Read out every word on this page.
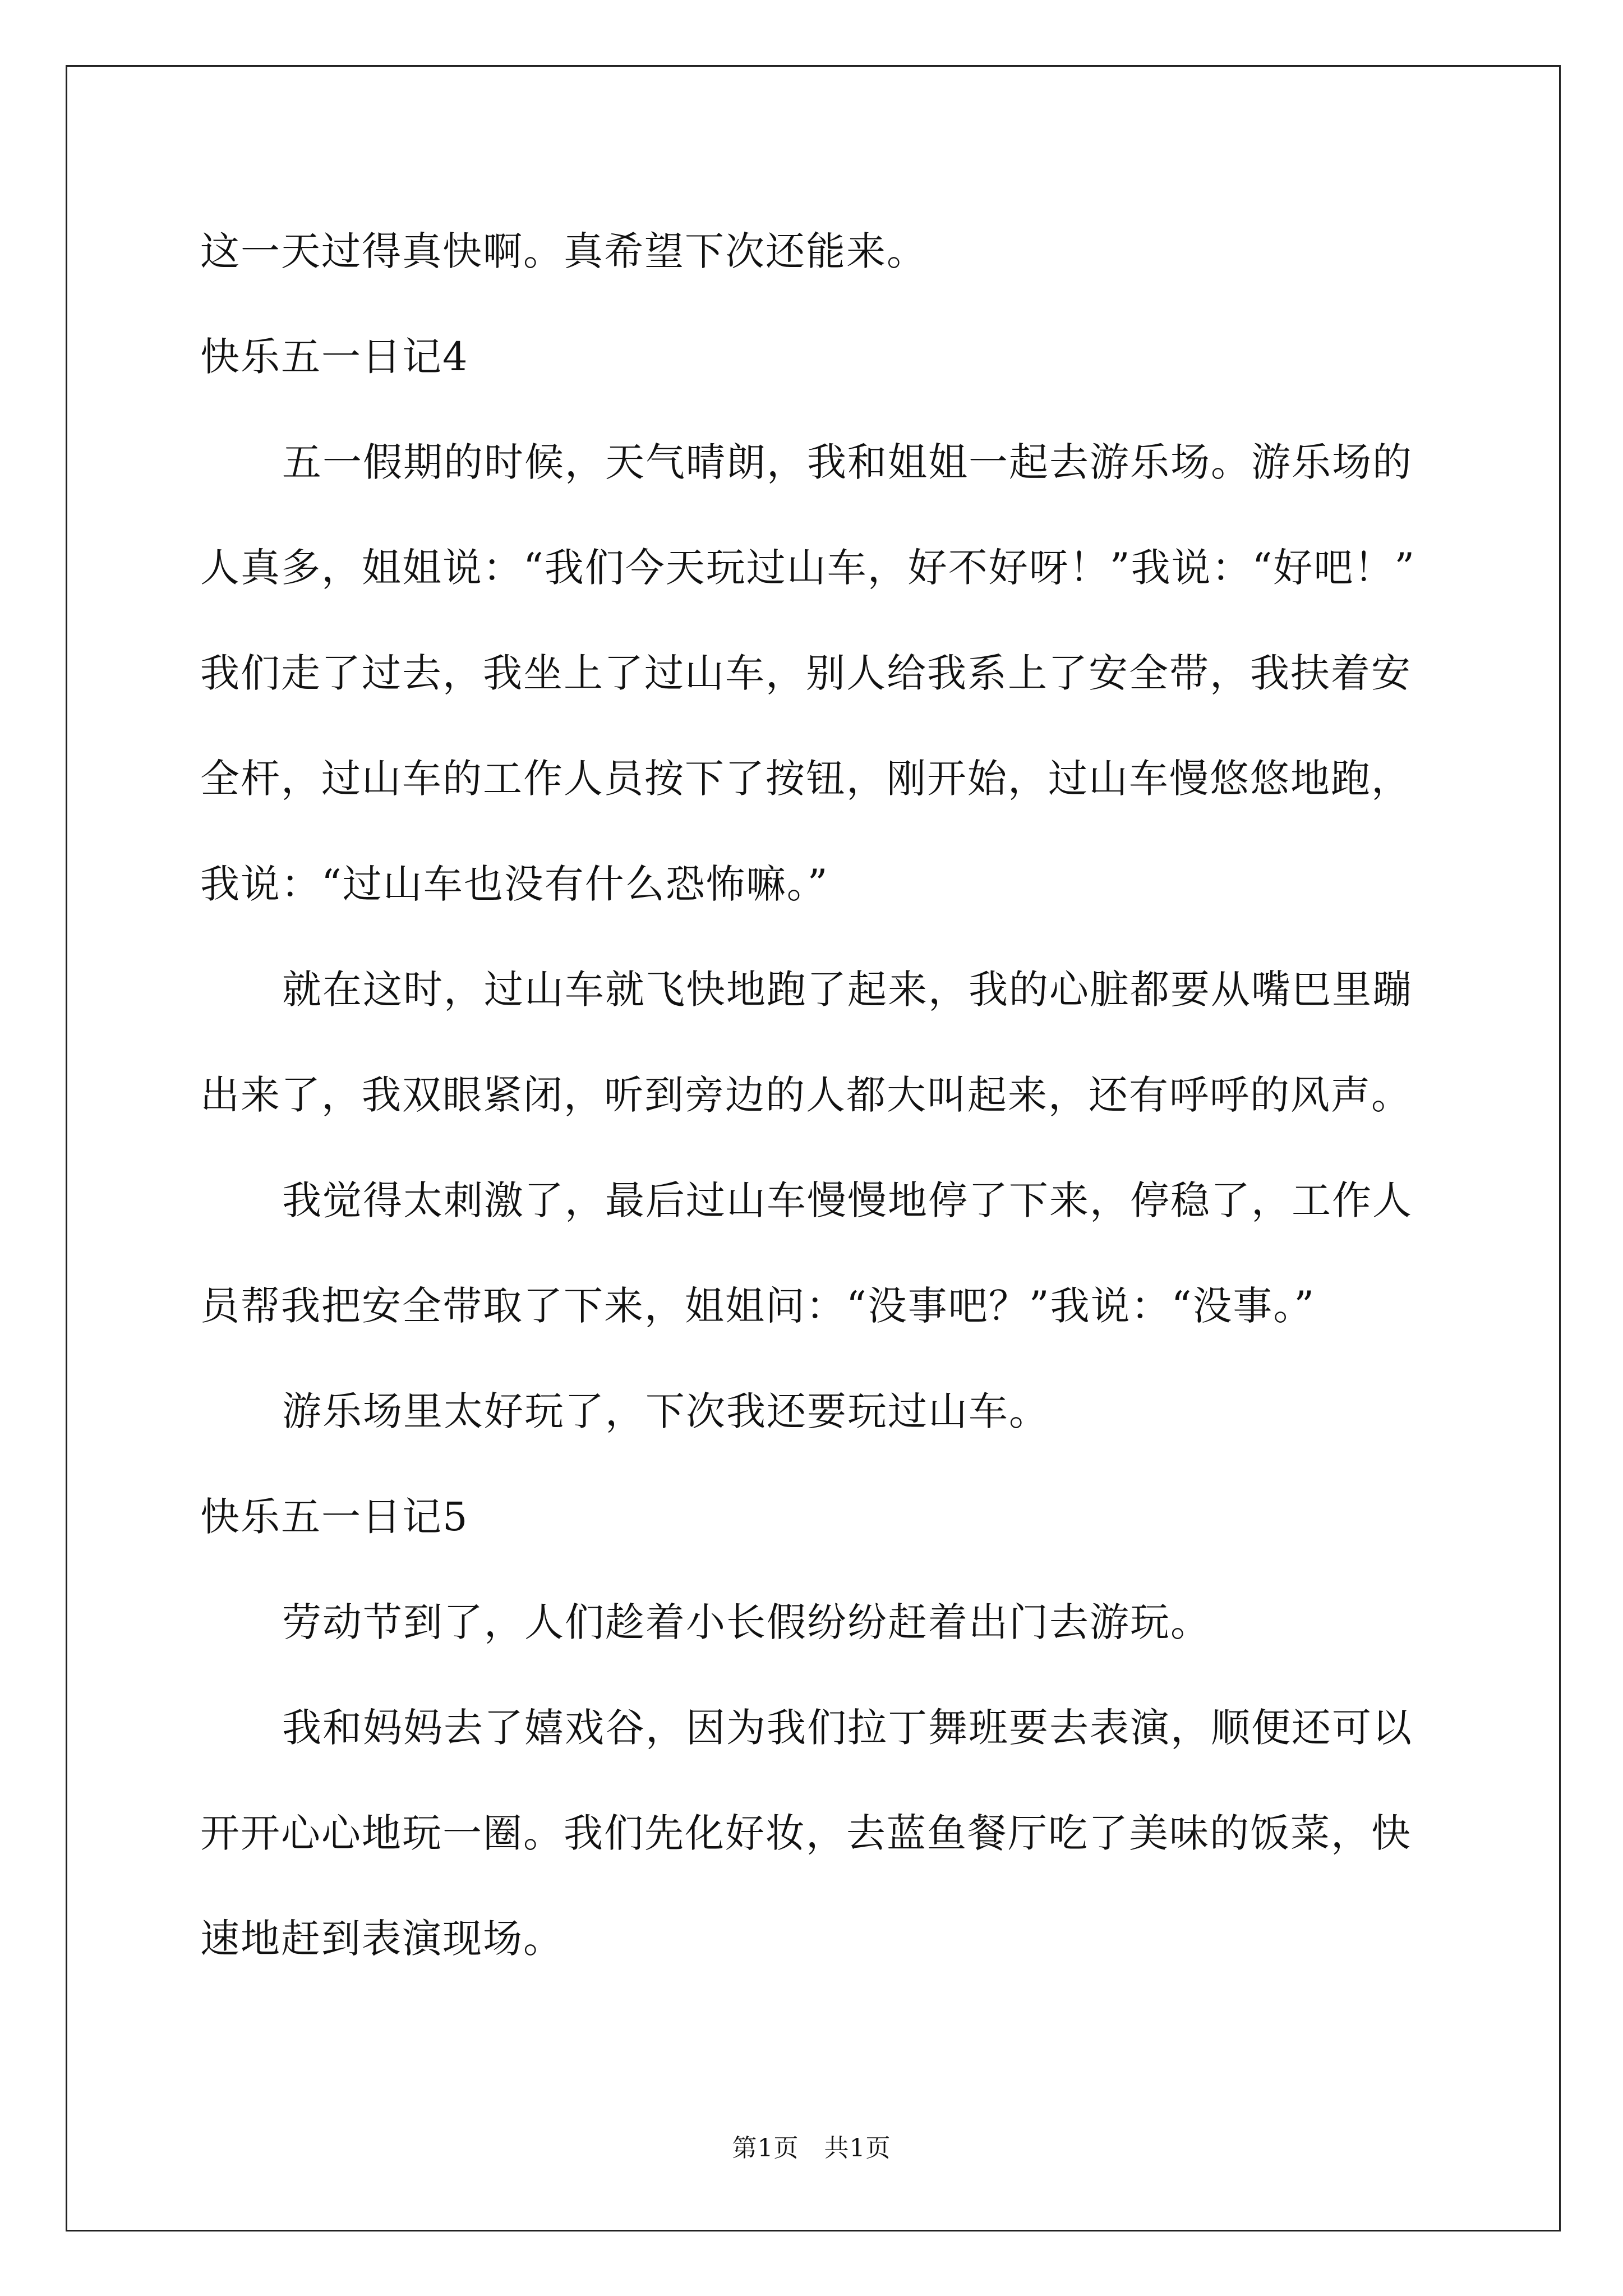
这一天过得真快啊。真希望下次还能来。
快乐五一日记4
五一假期的时候，天气晴朗，我和姐姐一起去游乐场。游乐场的
人真多，姐姐说：“我们今天玩过山车，好不好呀！”我说：“好吧！”
我们走了过去，我坐上了过山车，别人给我系上了安全带，我扶着安
全杆，过山车的工作人员按下了按钮，刚开始，过山车慢悠悠地跑，
我说：“过山车也没有什么恐怖嘛。”
就在这时，过山车就飞快地跑了起来，我的心脏都要从嘴巴里蹦
出来了，我双眼紧闭，听到旁边的人都大叫起来，还有呼呼的风声。
我觉得太刺激了，最后过山车慢慢地停了下来，停稳了，工作人
员帮我把安全带取了下来，姐姐问：“没事吧？”我说：“没事。”
游乐场里太好玩了，下次我还要玩过山车。
快乐五一日记5
劳动节到了，人们趁着小长假纷纷赶着出门去游玩。
我和妈妈去了嬉戏谷，因为我们拉丁舞班要去表演，顺便还可以
开开心心地玩一圈。我们先化好妆，去蓝鱼餐厅吃了美味的饭菜，快
速地赶到表演现场。
第1页　共1页
